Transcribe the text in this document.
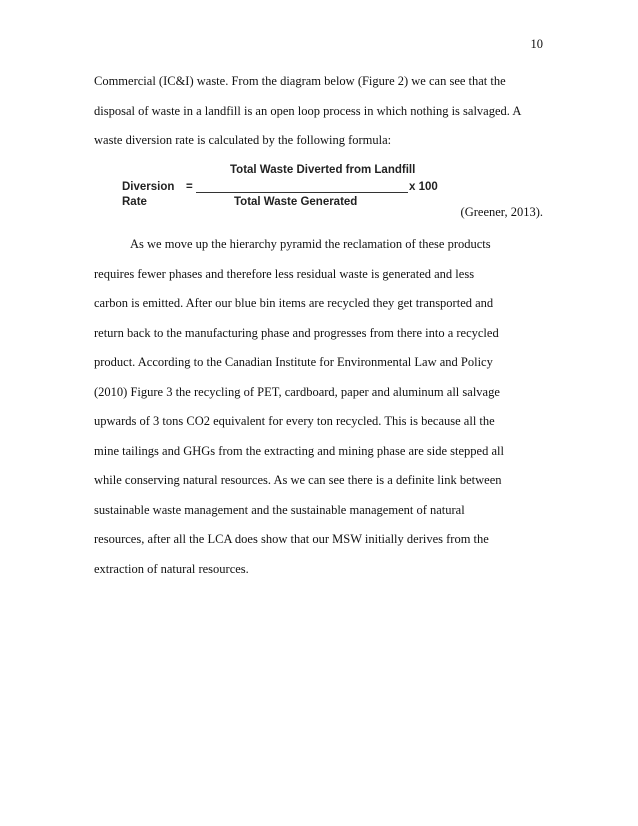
10
Commercial (IC&I) waste. From the diagram below (Figure 2) we can see that the
disposal of waste in a landfill is an open loop process in which nothing is salvaged. A
waste diversion rate is calculated by the following formula:
Total Waste Diverted from Landfill
Diversion =	x 100
Rate	Total Waste Generated
(Greener, 2013).
As we move up the hierarchy pyramid the reclamation of these products
requires fewer phases and therefore less residual waste is generated and less
carbon is emitted. After our blue bin items are recycled they get transported and
return back to the manufacturing phase and progresses from there into a recycled
product. According to the Canadian Institute for Environmental Law and Policy
(2010) Figure 3 the recycling of PET, cardboard, paper and aluminum all salvage
upwards of 3 tons CO2 equivalent for every ton recycled. This is because all the
mine tailings and GHGs from the extracting and mining phase are side stepped all
while conserving natural resources. As we can see there is a definite link between
sustainable waste management and the sustainable management of natural
resources, after all the LCA does show that our MSW initially derives from the
extraction of natural resources.
